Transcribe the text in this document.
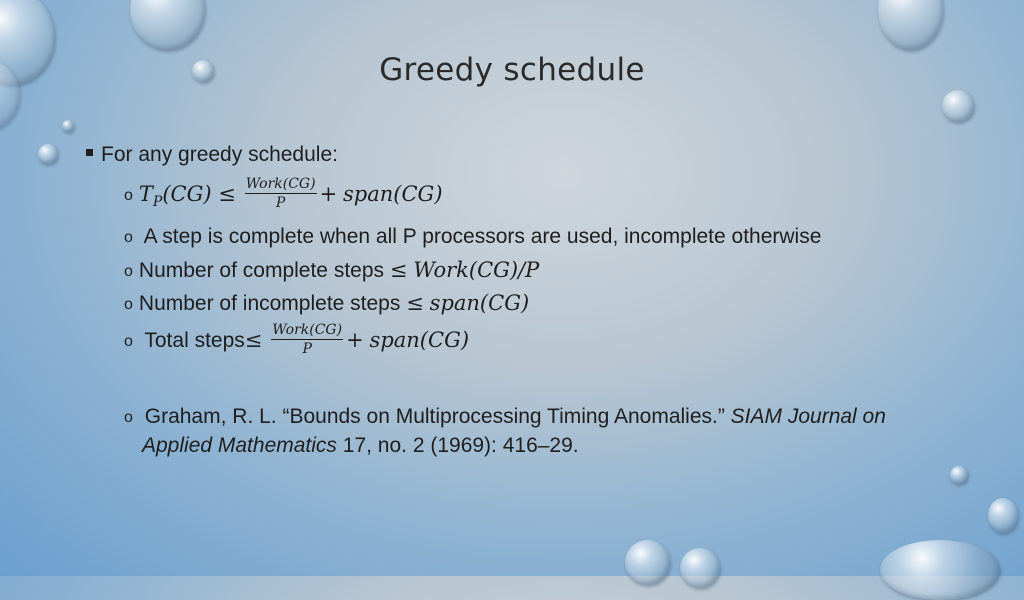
Greedy schedule
For any greedy schedule:
o $T_P(CG) \le \frac{\text{Work(CG)}}{P}$ + span(CG)
o A step is complete when all P processors are used, incomplete otherwise
o Number of complete steps ≤ Work(CG)/P
o Number of incomplete steps ≤ span(CG)
o Total steps≤ $\frac{\text{Work(CG)}}{P}$ + span(CG)
o Graham, R. L. “Bounds on Multiprocessing Timing Anomalies.” SIAM Journal on
Applied Mathematics 17, no. 2 (1969): 416–29.
